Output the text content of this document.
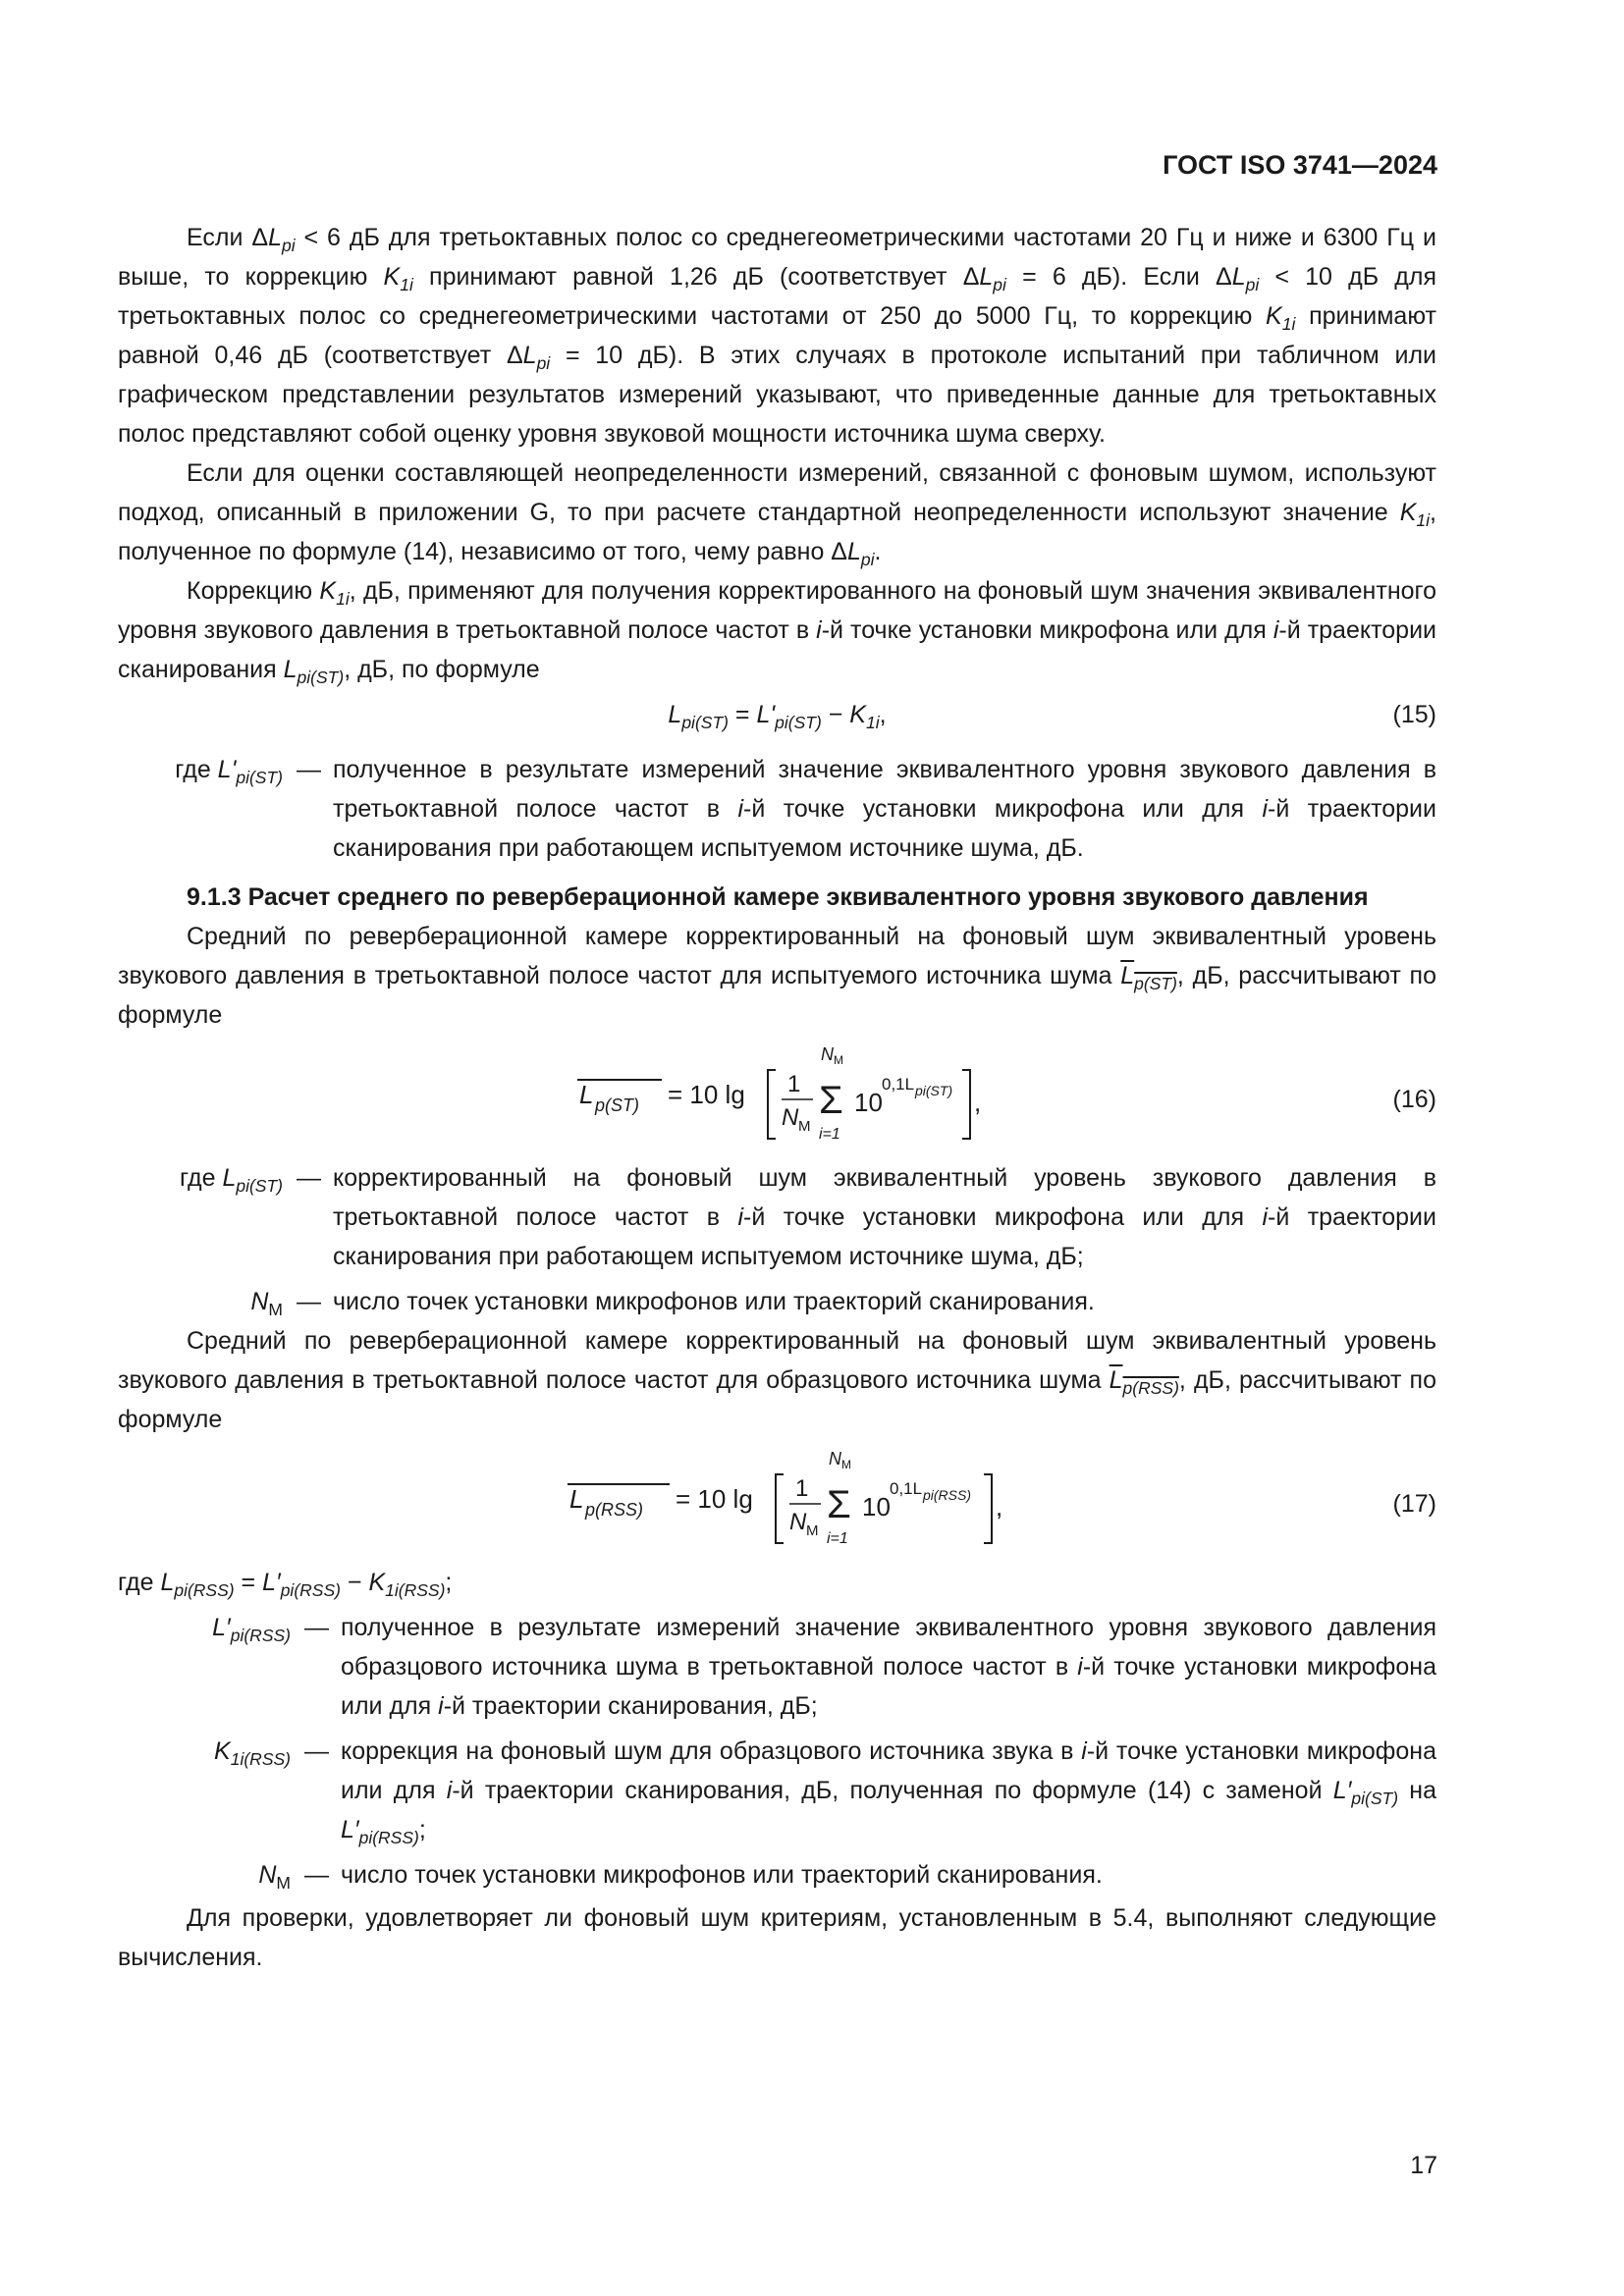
ГОСТ ISO 3741—2024

Если $\Delta L_{pi} < 6$ дБ для третьоктавных полос со среднегеометрическими частотами 20 Гц и ниже и 6300 Гц и выше, то коррекцию $K_{1i}$ принимают равной 1,26 дБ (соответствует $\Delta L_{pi} = 6$ дБ). Если $\Delta L_{pi} < 10$ дБ для третьоктавных полос со среднегеометрическими частотами от 250 до 5000 Гц, то коррекцию $K_{1i}$ принимают равной 0,46 дБ (соответствует $\Delta L_{pi} = 10$ дБ). В этих случаях в протоколе испытаний при табличном или графическом представлении результатов измерений указывают, что приведенные данные для третьоктавных полос представляют собой оценку уровня звуковой мощности источника шума сверху.

Если для оценки составляющей неопределенности измерений, связанной с фоновым шумом, используют подход, описанный в приложении G, то при расчете стандартной неопределенности используют значение $K_{1i}$, полученное по формуле (14), независимо от того, чему равно $\Delta L_{pi}$.

Коррекцию $K_{1i}$, дБ, применяют для получения корректированного на фоновый шум значения эквивалентного уровня звукового давления в третьоктавной полосе частот в i-й точке установки микрофона или для i-й траектории сканирования $L_{pi(ST)}$, дБ, по формуле

$L_{pi(ST)} = L'_{pi(ST)} - K_{1i}$,	(15)
где $L'_{pi(ST)}$ — полученное в результате измерений значение эквивалентного уровня звукового давления в третьоктавной полосе частот в i-й точке установки микрофона или для i-й траектории сканирования при работающем испытуемом источнике шума, дБ.

9.1.3 Расчет среднего по реверберационной камере эквивалентного уровня звукового давления

Средний по реверберационной камере корректированный на фоновый шум эквивалентный уровень звукового давления в третьоктавной полосе частот для испытуемого источника шума $L_{p(ST)}$, дБ, рассчитывают по формуле

L p(ST) = 10 lg 1
N M
N M
Σ
i=1
10
0,1L pi(ST) ,	(16)
где $L_{pi(ST)}$ — корректированный на фоновый шум эквивалентный уровень звукового давления в третьоктавной полосе частот в i-й точке установки микрофона или для i-й траектории сканирования при работающем испытуемом источнике шума, дБ;
$N_M$ — число точек установки микрофонов или траекторий сканирования.

Средний по реверберационной камере корректированный на фоновый шум эквивалентный уровень звукового давления в третьоктавной полосе частот для образцового источника шума $L_{p(RSS)}$, дБ, рассчитывают по формуле

L p(RSS) = 10 lg 1
N M
N M
Σ
i=1
10
0,1L pi(RSS) ,	(17)
где $L_{pi(RSS)} = L'_{pi(RSS)} - K_{1i(RSS)}$;
$L'_{pi(RSS)}$ — полученное в результате измерений значение эквивалентного уровня звукового давления образцового источника шума в третьоктавной полосе частот в i-й точке установки микрофона или для i-й траектории сканирования, дБ;
$K_{1i(RSS)}$ — коррекция на фоновый шум для образцового источника звука в i-й точке установки микрофона или для i-й траектории сканирования, дБ, полученная по формуле (14) с заменой $L'_{pi(ST)}$ на $L'_{pi(RSS)}$;
$N_M$ — число точек установки микрофонов или траекторий сканирования.

Для проверки, удовлетворяет ли фоновый шум критериям, установленным в 5.4, выполняют следующие вычисления.

17
